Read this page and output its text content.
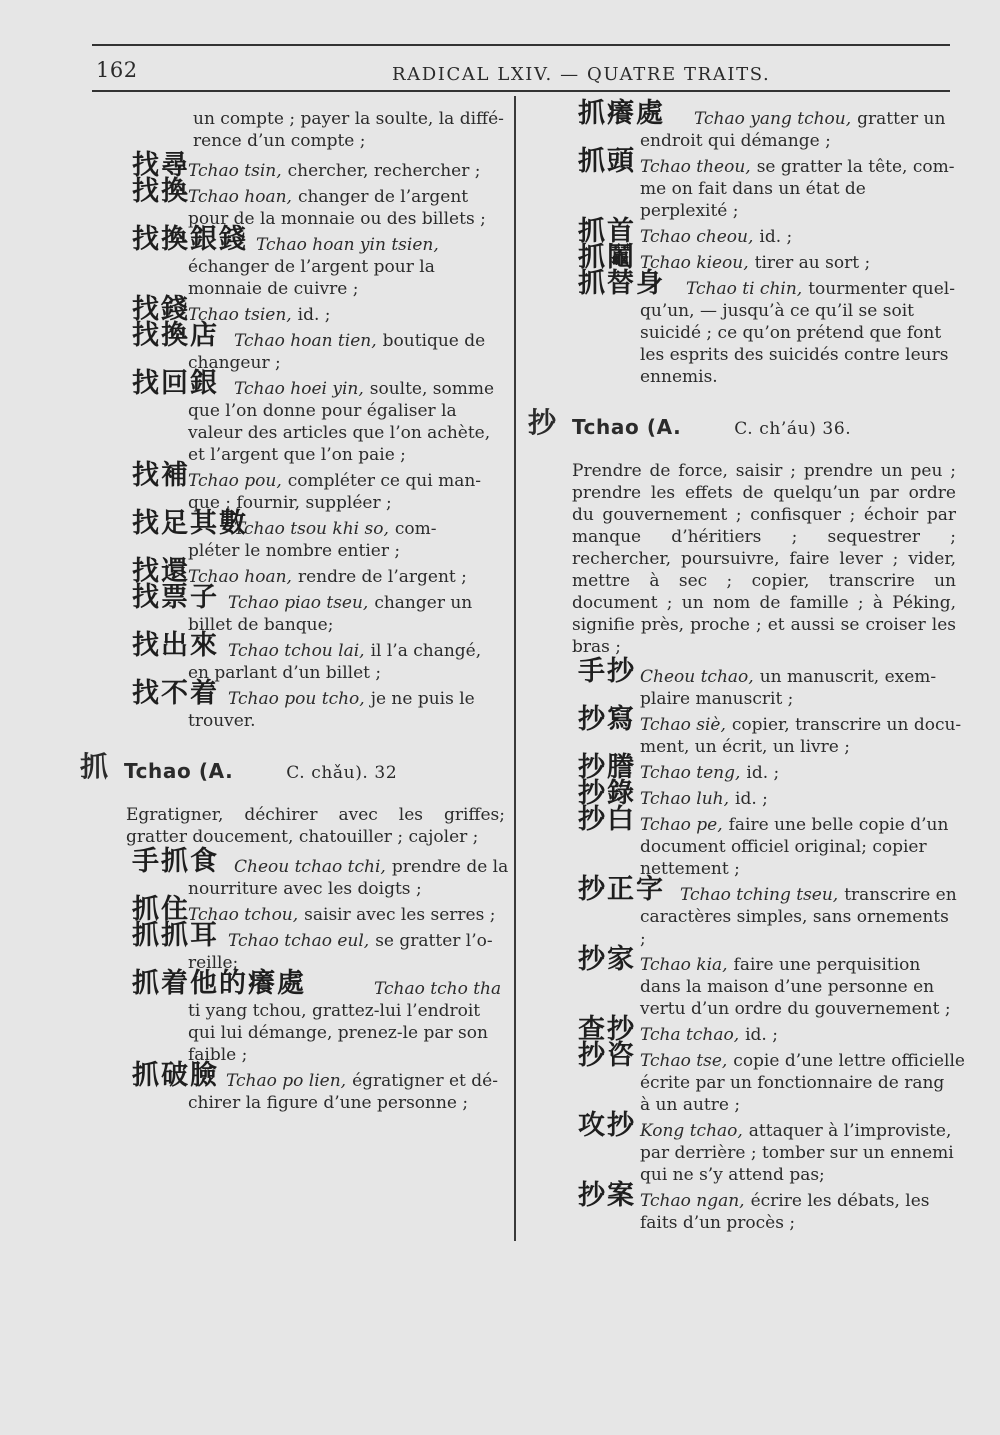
162	RADICAL LXIV. — QUATRE TRAITS.
un compte ; payer la soulte, la diffé-
rence d’un compte ;
找尋
Tchao tsin, chercher, rechercher ;
找換
Tchao hoan, changer de l’argent
pour de la monnaie ou des billets ;
找換銀錢 Tchao hoan yin tsien,
échanger de l’argent pour la monnaie de cuivre ;
找錢
Tchao tsien, id. ;
找換店 Tchao hoan tien, boutique de
changeur ;
找回銀 Tchao hoei yin, soulte, somme
que l’on donne pour égaliser la valeur des articles que l’on achète, et l’argent que l’on paie ;
找補
Tchao pou, compléter ce qui man-
que ; fournir, suppléer ;
找足其數
Tchao tsou khi so, com-
pléter le nombre entier ;
找還
Tchao hoan, rendre de l’argent ;
找票子 Tchao piao tseu, changer un
billet de banque;
找出來 Tchao tchou lai, il l’a changé,
en parlant d’un billet ;
找不着 Tchao pou tcho, je ne puis le
trouver.
抓 Tchao (A.	C. chǎu). 32
Egratigner, déchirer avec les griffes; gratter doucement, chatouiller ; cajoler ;
手抓食 Cheou tchao tchi, prendre de la
nourriture avec les doigts ;
抓住
Tchao tchou, saisir avec les serres ;
抓抓耳 Tchao tchao eul, se gratter l’o-
reille;
抓着他的癢處	Tchao tcho tha
ti yang tchou, grattez-lui l’endroit qui lui démange, prenez-le par son faible ;
抓破臉 Tchao po lien, égratigner et dé-
chirer la figure d’une personne ;
抓癢處 Tchao yang tchou, gratter un
endroit qui démange ;
抓頭 Tchao theou, se gratter la tête, com-
me on fait dans un état de perplexité ;
抓首 Tchao cheou, id. ;
抓鬮 Tchao kieou, tirer au sort ;
抓替身 Tchao ti chin, tourmenter quel-
qu’un, — jusqu’à ce qu’il se soit suicidé ; ce qu’on prétend que font les esprits des suicidés contre leurs ennemis.
抄 Tchao (A.	C. ch’áu) 36.
Prendre de force, saisir ; prendre un peu ; prendre les effets de quelqu’un par ordre du gouvernement ; confisquer ; échoir par manque d’héritiers ; sequestrer ; rechercher, poursuivre, faire lever ; vider, mettre à sec ; copier, transcrire un document ; un nom de famille ; à Péking, signifie près, proche ; et aussi se croiser les bras ;
手抄 Cheou tchao, un manuscrit, exem-
plaire manuscrit ;
抄寫 Tchao siè, copier, transcrire un docu-
ment, un écrit, un livre ;
抄謄 Tchao teng, id. ;
抄錄 Tchao luh, id. ;
抄白 Tchao pe, faire une belle copie d’un
document officiel original; copier nettement ;
抄正字 Tchao tching tseu, transcrire en
caractères simples, sans ornements ;
抄家 Tchao kia, faire une perquisition
dans la maison d’une personne en vertu d’un ordre du gouvernement ;
查抄 Tcha tchao, id. ;
抄咨 Tchao tse, copie d’une lettre officielle
écrite par un fonctionnaire de rang à un autre ;
攻抄 Kong tchao, attaquer à l’improviste,
par derrière ; tomber sur un ennemi qui ne s’y attend pas;
抄案 Tchao ngan, écrire les débats, les
faits d’un procès ;
